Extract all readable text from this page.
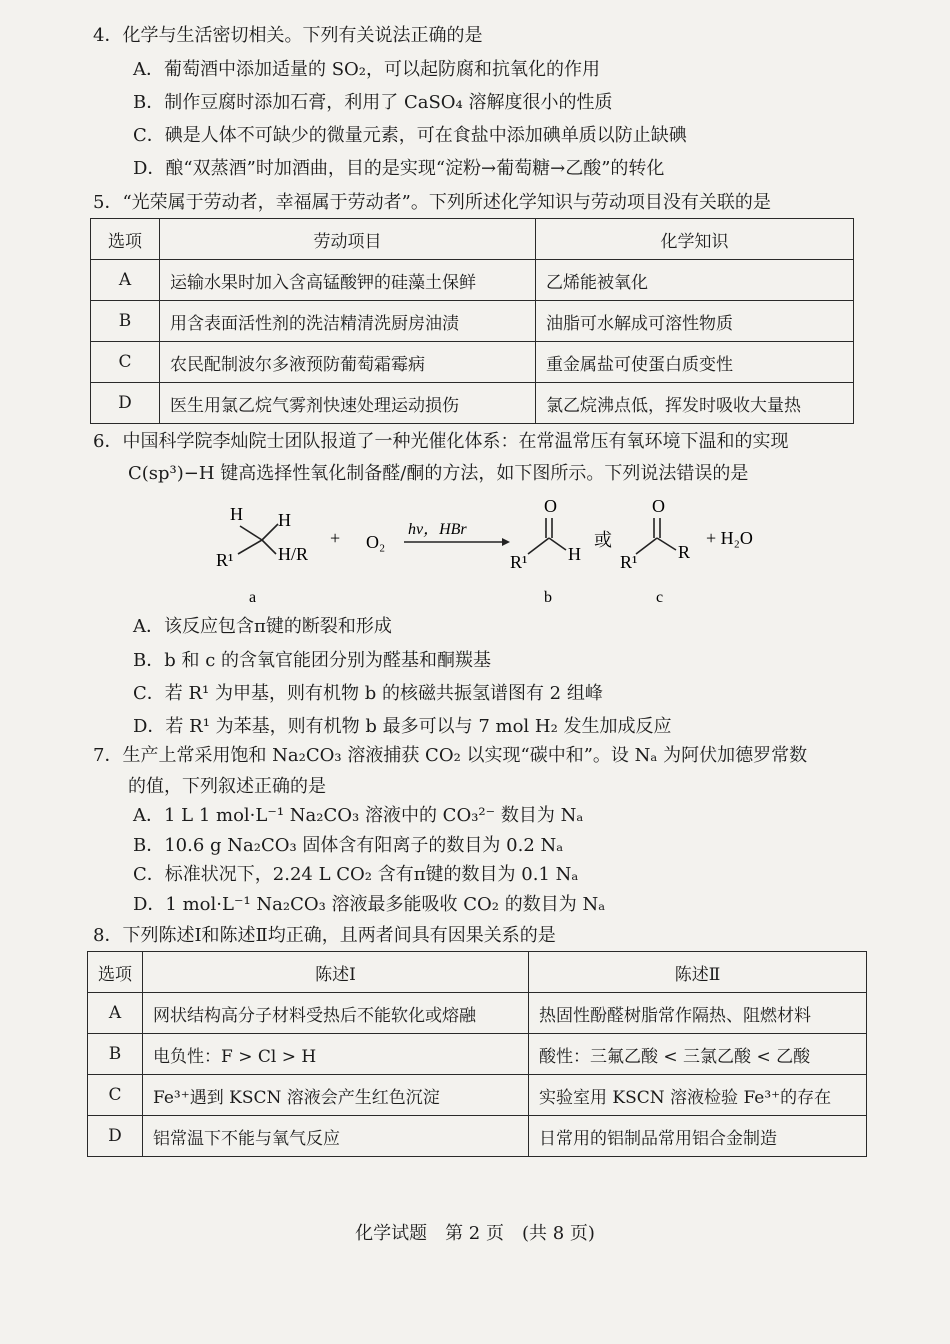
4．化学与生活密切相关。下列有关说法正确的是
A．葡萄酒中添加适量的 SO₂，可以起防腐和抗氧化的作用
B．制作豆腐时添加石膏，利用了 CaSO₄ 溶解度很小的性质
C．碘是人体不可缺少的微量元素，可在食盐中添加碘单质以防止缺碘
D．酿“双蒸酒”时加酒曲，目的是实现“淀粉→葡萄糖→乙酸”的转化
5．“光荣属于劳动者，幸福属于劳动者”。下列所述化学知识与劳动项目没有关联的是
选项	劳动项目	化学知识
A	运输水果时加入含高锰酸钾的硅藻土保鲜	乙烯能被氧化
B	用含表面活性剂的洗洁精清洗厨房油渍	油脂可水解成可溶性物质
C	农民配制波尔多液预防葡萄霜霉病	重金属盐可使蛋白质变性
D	医生用氯乙烷气雾剂快速处理运动损伤	氯乙烷沸点低，挥发时吸收大量热
6．中国科学院李灿院士团队报道了一种光催化体系：在常温常压有氧环境下温和的实现
C(sp³)−H 键高选择性氧化制备醛/酮的方法，如下图所示。下列说法错误的是
H H
R¹ H/R
+ O₂
hν，HBr
O
R¹ H
或
O
R¹ R
+ H₂O
a	b	c
A．该反应包含π键的断裂和形成
B．b 和 c 的含氧官能团分别为醛基和酮羰基
C．若 R¹ 为甲基，则有机物 b 的核磁共振氢谱图有 2 组峰
D．若 R¹ 为苯基，则有机物 b 最多可以与 7 mol H₂ 发生加成反应
7．生产上常采用饱和 Na₂CO₃ 溶液捕获 CO₂ 以实现“碳中和”。设 Nₐ 为阿伏加德罗常数
的值，下列叙述正确的是
A．1 L 1 mol·L⁻¹ Na₂CO₃ 溶液中的 CO₃²⁻ 数目为 Nₐ
B．10.6 g Na₂CO₃ 固体含有阳离子的数目为 0.2 Nₐ
C．标准状况下，2.24 L CO₂ 含有π键的数目为 0.1 Nₐ
D．1 mol·L⁻¹ Na₂CO₃ 溶液最多能吸收 CO₂ 的数目为 Nₐ
8．下列陈述Ⅰ和陈述Ⅱ均正确，且两者间具有因果关系的是
选项	陈述Ⅰ	陈述Ⅱ
A	网状结构高分子材料受热后不能软化或熔融	热固性酚醛树脂常作隔热、阻燃材料
B	电负性：F > Cl > H	酸性：三氟乙酸 < 三氯乙酸 < 乙酸
C	Fe³⁺遇到 KSCN 溶液会产生红色沉淀	实验室用 KSCN 溶液检验 Fe³⁺的存在
D	铝常温下不能与氧气反应	日常用的铝制品常用铝合金制造
化学试题　第 2 页　(共 8 页)
